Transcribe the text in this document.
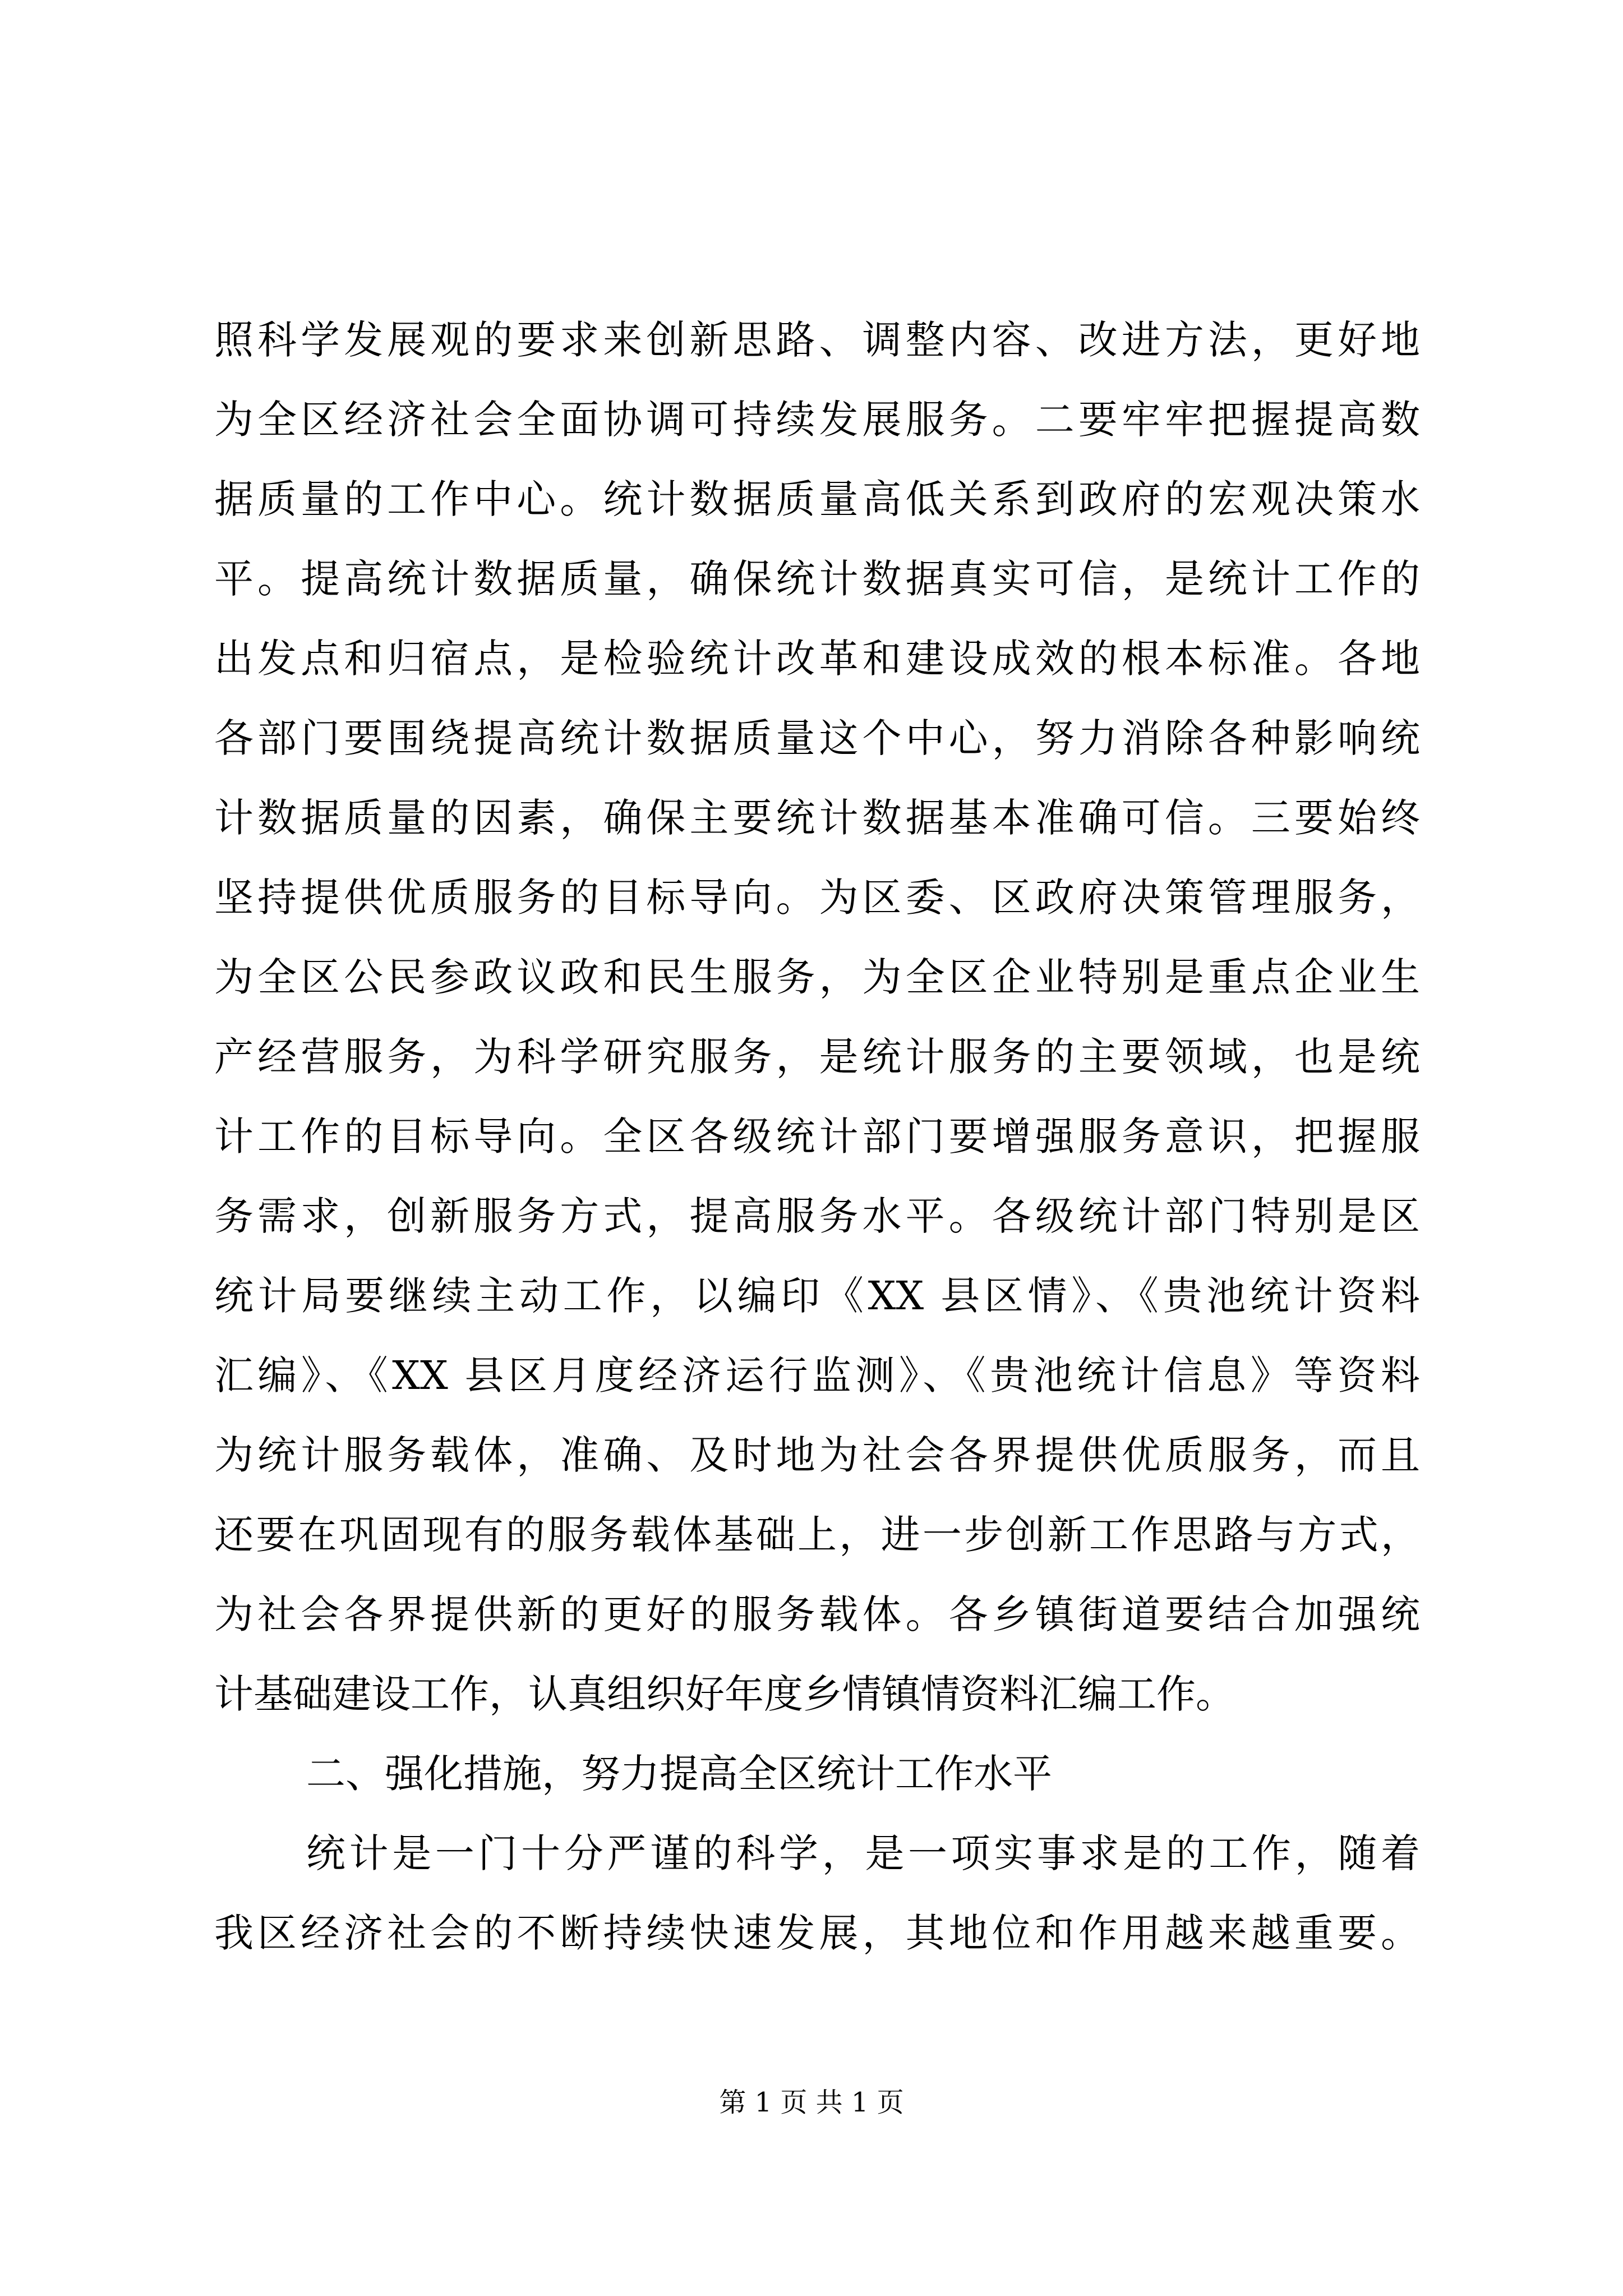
照科学发展观的要求来创新思路、调整内容、改进方法，更好地
为全区经济社会全面协调可持续发展服务。二要牢牢把握提高数
据质量的工作中心。统计数据质量高低关系到政府的宏观决策水
平。提高统计数据质量，确保统计数据真实可信，是统计工作的
出发点和归宿点，是检验统计改革和建设成效的根本标准。各地
各部门要围绕提高统计数据质量这个中心，努力消除各种影响统
计数据质量的因素，确保主要统计数据基本准确可信。三要始终
坚持提供优质服务的目标导向。为区委、区政府决策管理服务，
为全区公民参政议政和民生服务，为全区企业特别是重点企业生
产经营服务，为科学研究服务，是统计服务的主要领域，也是统
计工作的目标导向。全区各级统计部门要增强服务意识，把握服
务需求，创新服务方式，提高服务水平。各级统计部门特别是区
统计局要继续主动工作，以编印《XX 县区情》、《贵池统计资料
汇编》、《XX 县区月度经济运行监测》、《贵池统计信息》等资料
为统计服务载体，准确、及时地为社会各界提供优质服务，而且
还要在巩固现有的服务载体基础上，进一步创新工作思路与方式，
为社会各界提供新的更好的服务载体。各乡镇街道要结合加强统
计基础建设工作，认真组织好年度乡情镇情资料汇编工作。
二、强化措施，努力提高全区统计工作水平
统计是一门十分严谨的科学，是一项实事求是的工作，随着
我区经济社会的不断持续快速发展，其地位和作用越来越重要。
第 1 页 共 1 页
